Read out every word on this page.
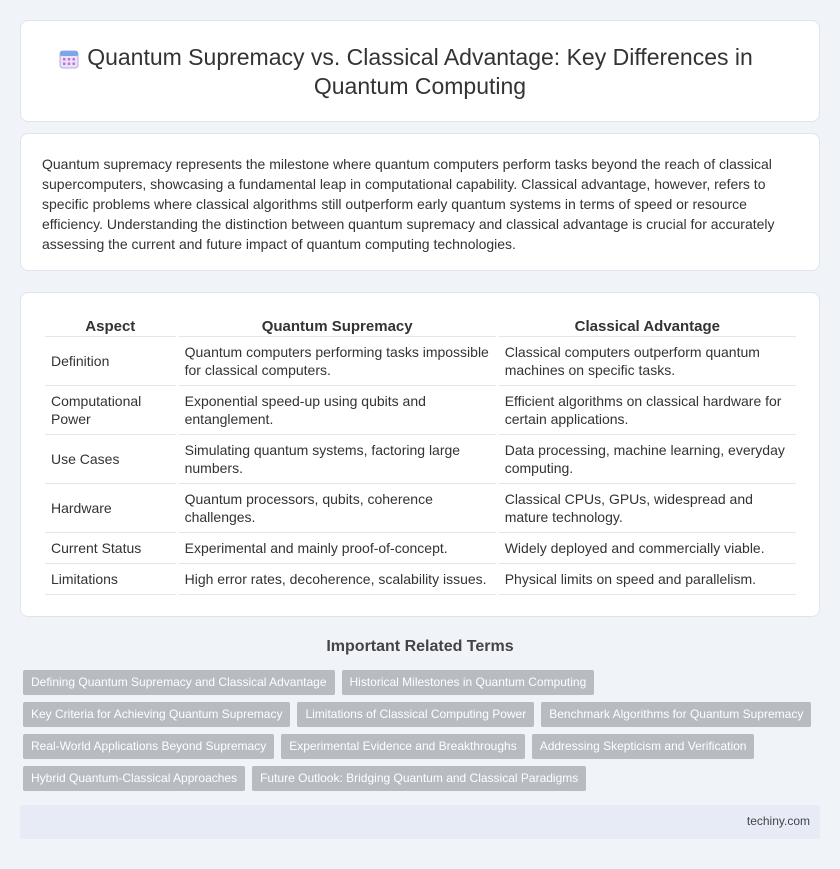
Quantum Supremacy vs. Classical Advantage: Key Differences in Quantum Computing

Quantum supremacy represents the milestone where quantum computers perform tasks beyond the reach of classical supercomputers, showcasing a fundamental leap in computational capability. Classical advantage, however, refers to specific problems where classical algorithms still outperform early quantum systems in terms of speed or resource efficiency. Understanding the distinction between quantum supremacy and classical advantage is crucial for accurately assessing the current and future impact of quantum computing technologies.

Aspect	Quantum Supremacy	Classical Advantage
Definition	Quantum computers performing tasks impossible for classical computers.	Classical computers outperform quantum machines on specific tasks.
Computational Power	Exponential speed-up using qubits and entanglement.	Efficient algorithms on classical hardware for certain applications.
Use Cases	Simulating quantum systems, factoring large numbers.	Data processing, machine learning, everyday computing.
Hardware	Quantum processors, qubits, coherence challenges.	Classical CPUs, GPUs, widespread and mature technology.
Current Status	Experimental and mainly proof-of-concept.	Widely deployed and commercially viable.
Limitations	High error rates, decoherence, scalability issues.	Physical limits on speed and parallelism.
Important Related Terms
Defining Quantum Supremacy and Classical Advantage	Historical Milestones in Quantum Computing
Key Criteria for Achieving Quantum Supremacy	Limitations of Classical Computing Power	Benchmark Algorithms for Quantum Supremacy
Real-World Applications Beyond Supremacy	Experimental Evidence and Breakthroughs	Addressing Skepticism and Verification
Hybrid Quantum-Classical Approaches	Future Outlook: Bridging Quantum and Classical Paradigms
techiny.com
